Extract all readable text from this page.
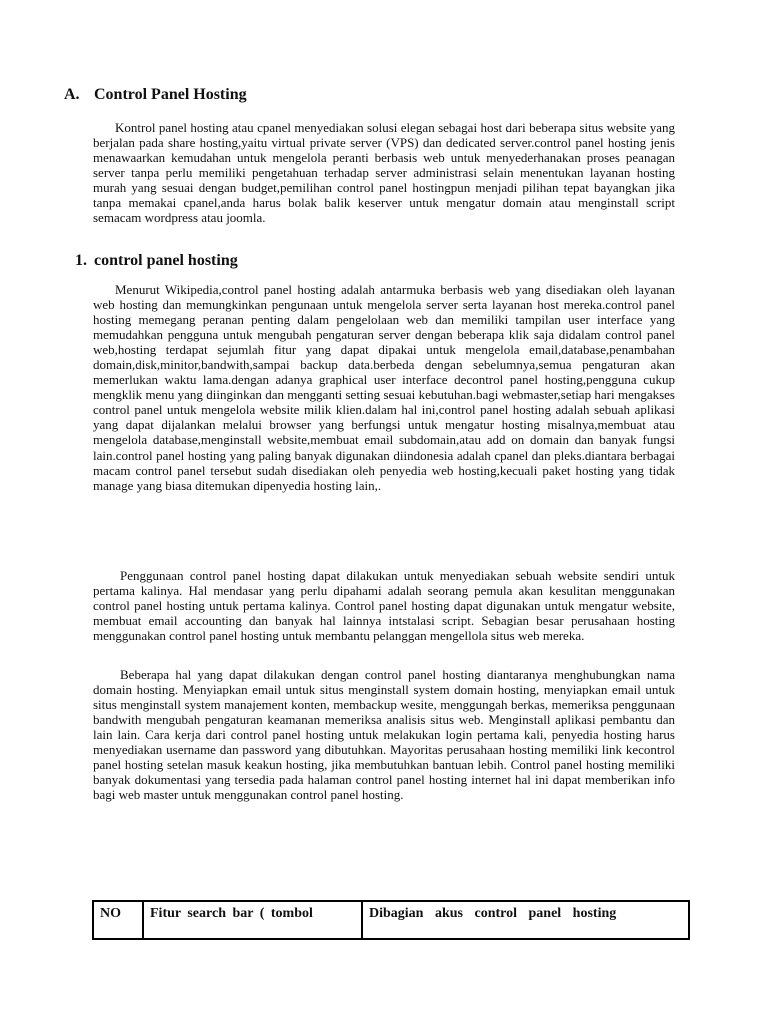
A. Control Panel Hosting

Kontrol panel hosting atau cpanel menyediakan solusi elegan sebagai host dari beberapa situs website yang berjalan pada share hosting,yaitu virtual private server (VPS) dan dedicated server.control panel hosting jenis menawaarkan kemudahan untuk mengelola peranti berbasis web untuk menyederhanakan proses peanagan server tanpa perlu memiliki pengetahuan terhadap server administrasi selain menentukan layanan hosting murah yang sesuai dengan budget,pemilihan control panel hostingpun menjadi pilihan tepat bayangkan jika tanpa memakai cpanel,anda harus bolak balik keserver untuk mengatur domain atau menginstall script semacam wordpress atau joomla.

1. control panel hosting

Menurut Wikipedia,control panel hosting adalah antarmuka berbasis web yang disediakan oleh layanan web hosting dan memungkinkan pengunaan untuk mengelola server serta layanan host mereka.control panel hosting memegang peranan penting dalam pengelolaan web dan memiliki tampilan user interface yang memudahkan pengguna untuk mengubah pengaturan server dengan beberapa klik saja didalam control panel web,hosting terdapat sejumlah fitur yang dapat dipakai untuk mengelola email,database,penambahan domain,disk,minitor,bandwith,sampai backup data.berbeda dengan sebelumnya,semua pengaturan akan memerlukan waktu lama.dengan adanya graphical user interface decontrol panel hosting,pengguna cukup mengklik menu yang diinginkan dan mengganti setting sesuai kebutuhan.bagi webmaster,setiap hari mengakses control panel untuk mengelola website milik klien.dalam hal ini,control panel hosting adalah sebuah aplikasi yang dapat dijalankan melalui browser yang berfungsi untuk mengatur hosting misalnya,membuat atau mengelola database,menginstall website,membuat email subdomain,atau add on domain dan banyak fungsi lain.control panel hosting yang paling banyak digunakan diindonesia adalah cpanel dan pleks.diantara berbagai macam control panel tersebut sudah disediakan oleh penyedia web hosting,kecuali paket hosting yang tidak manage yang biasa ditemukan dipenyedia hosting lain,.

Penggunaan control panel hosting dapat dilakukan untuk menyediakan sebuah website sendiri untuk pertama kalinya. Hal mendasar yang perlu dipahami adalah seorang pemula akan kesulitan menggunakan control panel hosting untuk pertama kalinya. Control panel hosting dapat digunakan untuk mengatur website, membuat email accounting dan banyak hal lainnya intstalasi script. Sebagian besar perusahaan hosting menggunakan control panel hosting untuk membantu pelanggan mengellola situs web mereka.

Beberapa hal yang dapat dilakukan dengan control panel hosting diantaranya menghubungkan nama domain hosting. Menyiapkan email untuk situs menginstall system domain hosting, menyiapkan email untuk situs menginstall system manajement konten, membackup wesite, menggungah berkas, memeriksa penggunaan bandwith mengubah pengaturan keamanan memeriksa analisis situs web. Menginstall aplikasi pembantu dan lain lain. Cara kerja dari control panel hosting untuk melakukan login pertama kali, penyedia hosting harus menyediakan username dan password yang dibutuhkan. Mayoritas perusahaan hosting memiliki link kecontrol panel hosting setelan masuk keakun hosting, jika membutuhkan bantuan lebih. Control panel hosting memiliki banyak dokumentasi yang tersedia pada halaman control panel hosting internet hal ini dapat memberikan info bagi web master untuk menggunakan control panel hosting.

NO	Fitur search bar ( tombol	Dibagian akus control panel hosting
